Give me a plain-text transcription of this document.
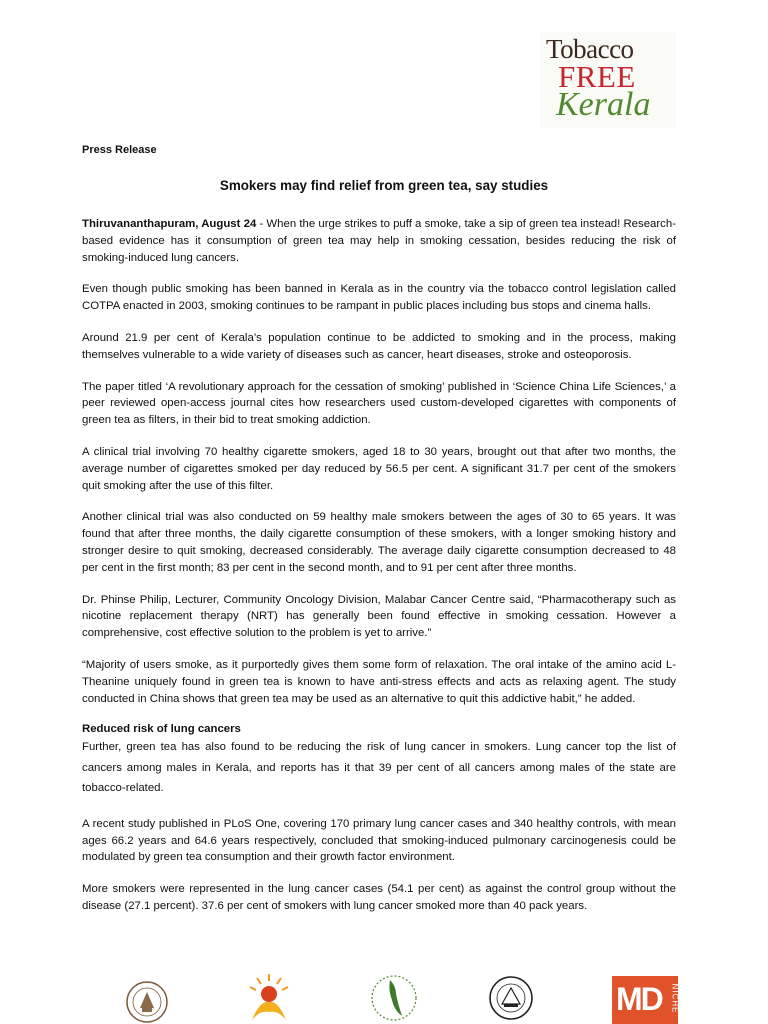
Tobacco
FREE
Kerala
Press Release
Smokers may find relief from green tea, say studies

Thiruvananthapuram, August 24 - When the urge strikes to puff a smoke, take a sip of green tea instead! Research-based evidence has it consumption of green tea may help in smoking cessation, besides reducing the risk of smoking-induced lung cancers.

Even though public smoking has been banned in Kerala as in the country via the tobacco control legislation called COTPA enacted in 2003, smoking continues to be rampant in public places including bus stops and cinema halls.

Around 21.9 per cent of Kerala’s population continue to be addicted to smoking and in the process, making themselves vulnerable to a wide variety of diseases such as cancer, heart diseases, stroke and osteoporosis.

The paper titled ‘A revolutionary approach for the cessation of smoking’ published in ‘Science China Life Sciences,’ a peer reviewed open-access journal cites how researchers used custom-developed cigarettes with components of green tea as filters, in their bid to treat smoking addiction.

A clinical trial involving 70 healthy cigarette smokers, aged 18 to 30 years, brought out that after two months, the average number of cigarettes smoked per day reduced by 56.5 per cent. A significant 31.7 per cent of the smokers quit smoking after the use of this filter.

Another clinical trial was also conducted on 59 healthy male smokers between the ages of 30 to 65 years. It was found that after three months, the daily cigarette consumption of these smokers, with a longer smoking history and stronger desire to quit smoking, decreased considerably. The average daily cigarette consumption decreased to 48 per cent in the first month; 83 per cent in the second month, and to 91 per cent after three months.

Dr. Phinse Philip, Lecturer, Community Oncology Division, Malabar Cancer Centre said, “Pharmacotherapy such as nicotine replacement therapy (NRT) has generally been found effective in smoking cessation. However a comprehensive, cost effective solution to the problem is yet to arrive.”

“Majority of users smoke, as it purportedly gives them some form of relaxation. The oral intake of the amino acid L-Theanine uniquely found in green tea is known to have anti-stress effects and acts as relaxing agent. The study conducted in China shows that green tea may be used as an alternative to quit this addictive habit,” he added.

Reduced risk of lung cancers

Further, green tea has also found to be reducing the risk of lung cancer in smokers. Lung cancer top the list of cancers among males in Kerala, and reports has it that 39 per cent of all cancers among males of the state are tobacco-related.

A recent study published in PLoS One, covering 170 primary lung cancer cases and 340 healthy controls, with mean ages 66.2 years and 64.6 years respectively, concluded that smoking-induced pulmonary carcinogenesis could be modulated by green tea consumption and their growth factor environment.

More smokers were represented in the lung cancer cases (54.1 per cent) as against the control group without the disease (27.1 percent). 37.6 per cent of smokers with lung cancer smoked more than 40 pack years.

MD NICHE
